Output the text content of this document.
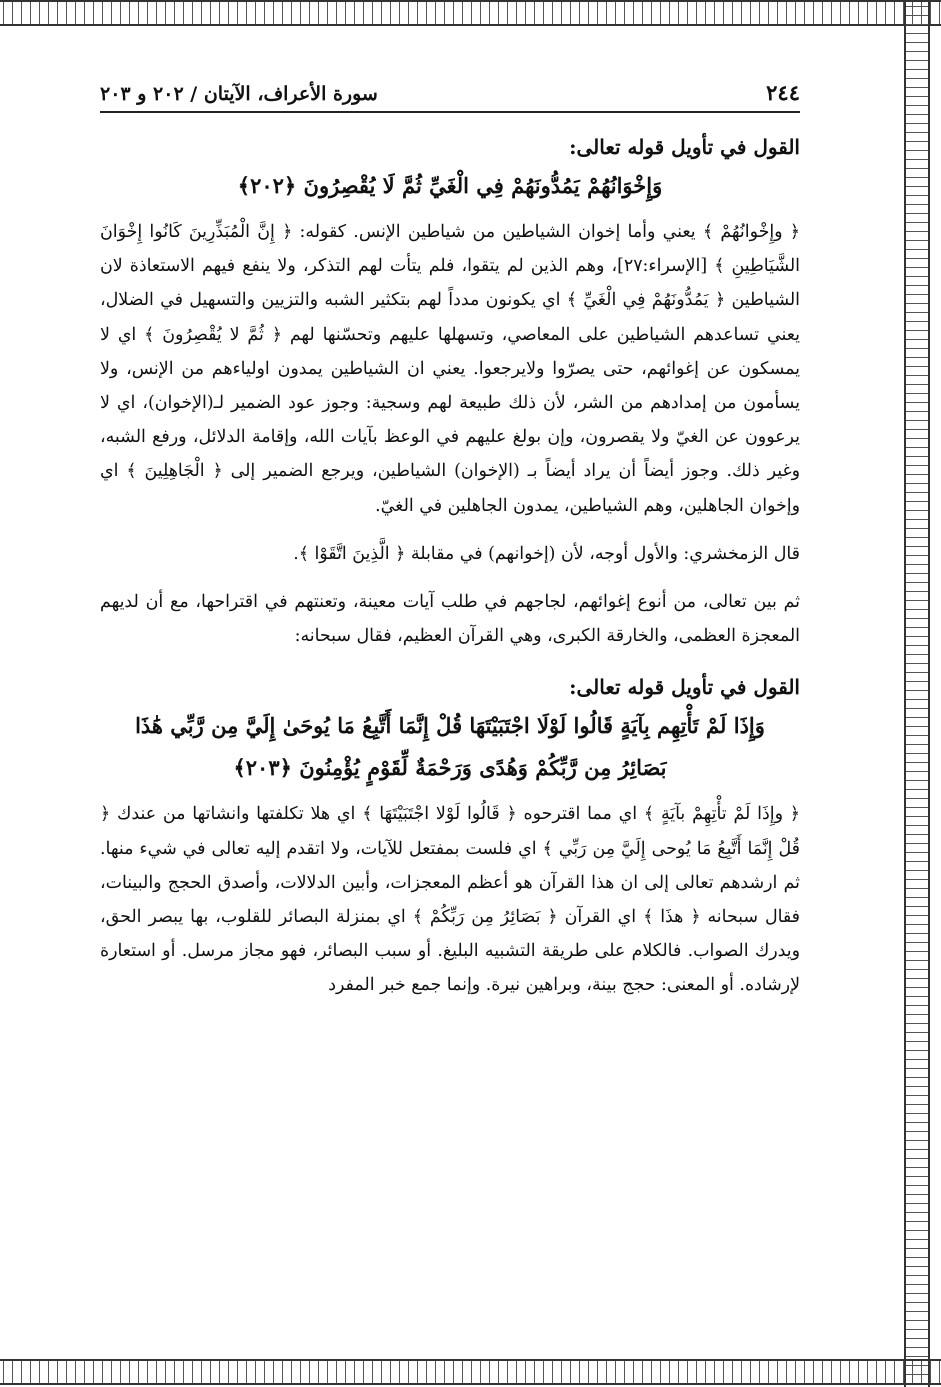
٢٤٤
سورة الأعراف، الآيتان / ٢٠٢ و ٢٠٣
القول في تأويل قوله تعالى:
وَإِخْوَانُهُمْ يَمُدُّونَهُمْ فِي الْغَيِّ ثُمَّ لَا يُقْصِرُونَ ﴿٢٠٢﴾

﴿ وإِخْوانُهُمْ ﴾ يعني وأما إخوان الشياطين من شياطين الإنس. كقوله: ﴿ إِنَّ الْمُبَذِّرِينَ كَانُوا إِخْوَانَ الشَّيَاطِينِ ﴾ [الإسراء:٢٧]، وهم الذين لم يتقوا، فلم يتأت لهم التذكر، ولا ينفع فيهم الاستعاذة لان الشياطين ﴿ يَمُدُّونَهُمْ فِي الْغَيِّ ﴾ اي يكونون مدداً لهم بتكثير الشبه والتزيين والتسهيل في الضلال، يعني تساعدهم الشياطين على المعاصي، وتسهلها عليهم وتحسّنها لهم ﴿ ثُمَّ لا يُقْصِرُونَ ﴾ اي لا يمسكون عن إغوائهم، حتى يصرّوا ولايرجعوا. يعني ان الشياطين يمدون اولياءهم من الإنس، ولا يسأمون من إمدادهم من الشر، لأن ذلك طبيعة لهم وسجية: وجوز عود الضمير لـ(الإخوان)، اي لا يرعوون عن الغيّ ولا يقصرون، وإن بولغ عليهم في الوعظ بآيات الله، وإقامة الدلائل، ورفع الشبه، وغير ذلك. وجوز أيضاً أن يراد أيضاً بـ (الإخوان) الشياطين، ويرجع الضمير إلى ﴿ الْجَاهِلِينَ ﴾ اي وإخوان الجاهلين، وهم الشياطين، يمدون الجاهلين في الغيّ.

قال الزمخشري: والأول أوجه، لأن (إخوانهم) في مقابلة ﴿ الَّذِينَ اتَّقَوْا ﴾.

ثم بين تعالى، من أنوع إغوائهم، لجاجهم في طلب آيات معينة، وتعنتهم في اقتراحها، مع أن لديهم المعجزة العظمى، والخارقة الكبرى، وهي القرآن العظيم، فقال سبحانه:

القول في تأويل قوله تعالى:
وَإِذَا لَمْ تَأْتِهِم بِآيَةٍ قَالُوا لَوْلَا اجْتَبَيْتَهَا قُلْ إِنَّمَا أَتَّبِعُ مَا يُوحَىٰ إِلَيَّ مِن رَّبِّي هَٰذَا
بَصَائِرُ مِن رَّبِّكُمْ وَهُدًى وَرَحْمَةٌ لِّقَوْمٍ يُؤْمِنُونَ ﴿٢٠٣﴾

﴿ وإِذَا لَمْ تأْتِهِمْ بآيَةٍ ﴾ اي مما اقترحوه ﴿ قَالُوا لَوْلا اجْتَبَيْتَهَا ﴾ اي هلا تكلفتها وانشاتها من عندك ﴿ قُلْ إِنَّمَا أَتَّبِعُ مَا يُوحى إِلَيَّ مِن رَبِّي ﴾ اي فلست بمفتعل للآيات، ولا اتقدم إليه تعالى في شيء منها. ثم ارشدهم تعالى إلى ان هذا القرآن هو أعظم المعجزات، وأبين الدلالات، وأصدق الحجج والبينات، فقال سبحانه ﴿ هذَا ﴾ اي القرآن ﴿ بَصَائِرُ مِن رَبِّكُمْ ﴾ اي بمنزلة البصائر للقلوب، بها يبصر الحق، ويدرك الصواب. فالكلام على طريقة التشبيه البليغ. أو سبب البصائر، فهو مجاز مرسل. أو استعارة لإرشاده. أو المعنى: حجج بينة، وبراهين نيرة. وإنما جمع خبر المفرد
